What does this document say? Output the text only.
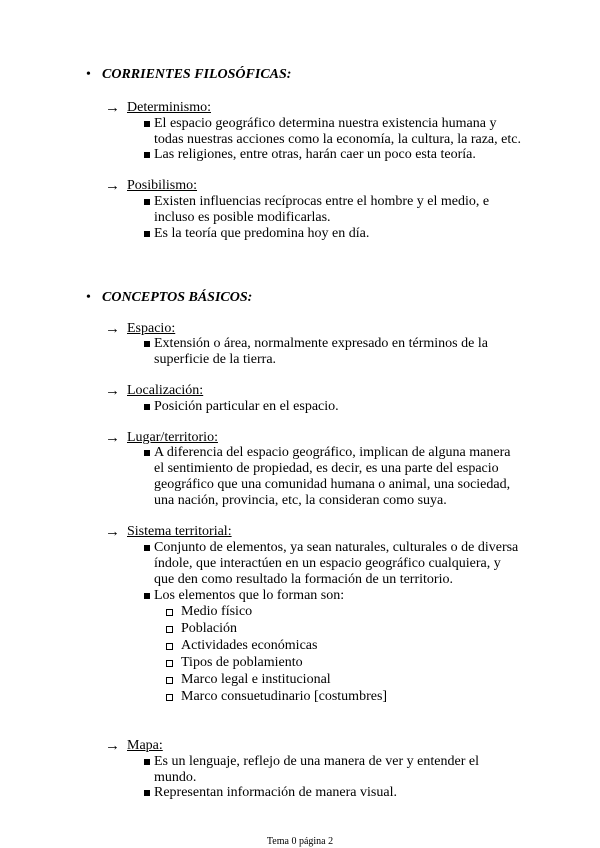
• CORRIENTES FILOSÓFICAS:
→ Determinismo:
El espacio geográfico determina nuestra existencia humana y
todas nuestras acciones como la economía, la cultura, la raza, etc.
Las religiones, entre otras, harán caer un poco esta teoría.
→ Posibilismo:
Existen influencias recíprocas entre el hombre y el medio, e
incluso es posible modificarlas.
Es la teoría que predomina hoy en día.
• CONCEPTOS BÁSICOS:
→ Espacio:
Extensión o área, normalmente expresado en términos de la
superficie de la tierra.
→ Localización:
Posición particular en el espacio.
→ Lugar/territorio:
A diferencia del espacio geográfico, implican de alguna manera
el sentimiento de propiedad, es decir, es una parte del espacio
geográfico que una comunidad humana o animal, una sociedad,
una nación, provincia, etc, la consideran como suya.
→ Sistema territorial:
Conjunto de elementos, ya sean naturales, culturales o de diversa
índole, que interactúen en un espacio geográfico cualquiera, y
que den como resultado la formación de un territorio.
Los elementos que lo forman son:
Medio físico
Población
Actividades económicas
Tipos de poblamiento
Marco legal e institucional
Marco consuetudinario [costumbres]
→ Mapa:
Es un lenguaje, reflejo de una manera de ver y entender el
mundo.
Representan información de manera visual.
Tema 0 página 2
